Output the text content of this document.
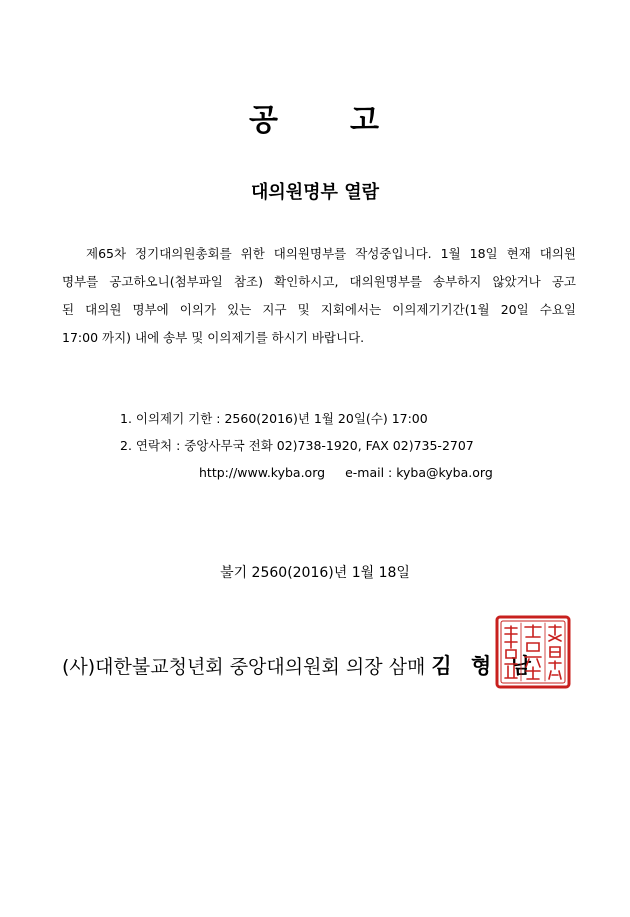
공 고
대의원명부 열람
제65차 정기대의원총회를 위한 대의원명부를 작성중입니다. 1월 18일 현재 대의원
명부를 공고하오니(첨부파일 참조) 확인하시고, 대의원명부를 송부하지 않았거나 공고
된 대의원 명부에 이의가 있는 지구 및 지회에서는 이의제기기간(1월 20일 수요일
17:00 까지) 내에 송부 및 이의제기를 하시기 바랍니다.
1. 이의제기 기한 : 2560(2016)년 1월 20일(수) 17:00
2. 연락처 : 중앙사무국 전화 02)738-1920, FAX 02)735-2707
http://www.kyba.org e-mail : kyba@kyba.org
불기 2560(2016)년 1월 18일
(사)대한불교청년회 중앙대의원회 의장 삼매 김 형 남
